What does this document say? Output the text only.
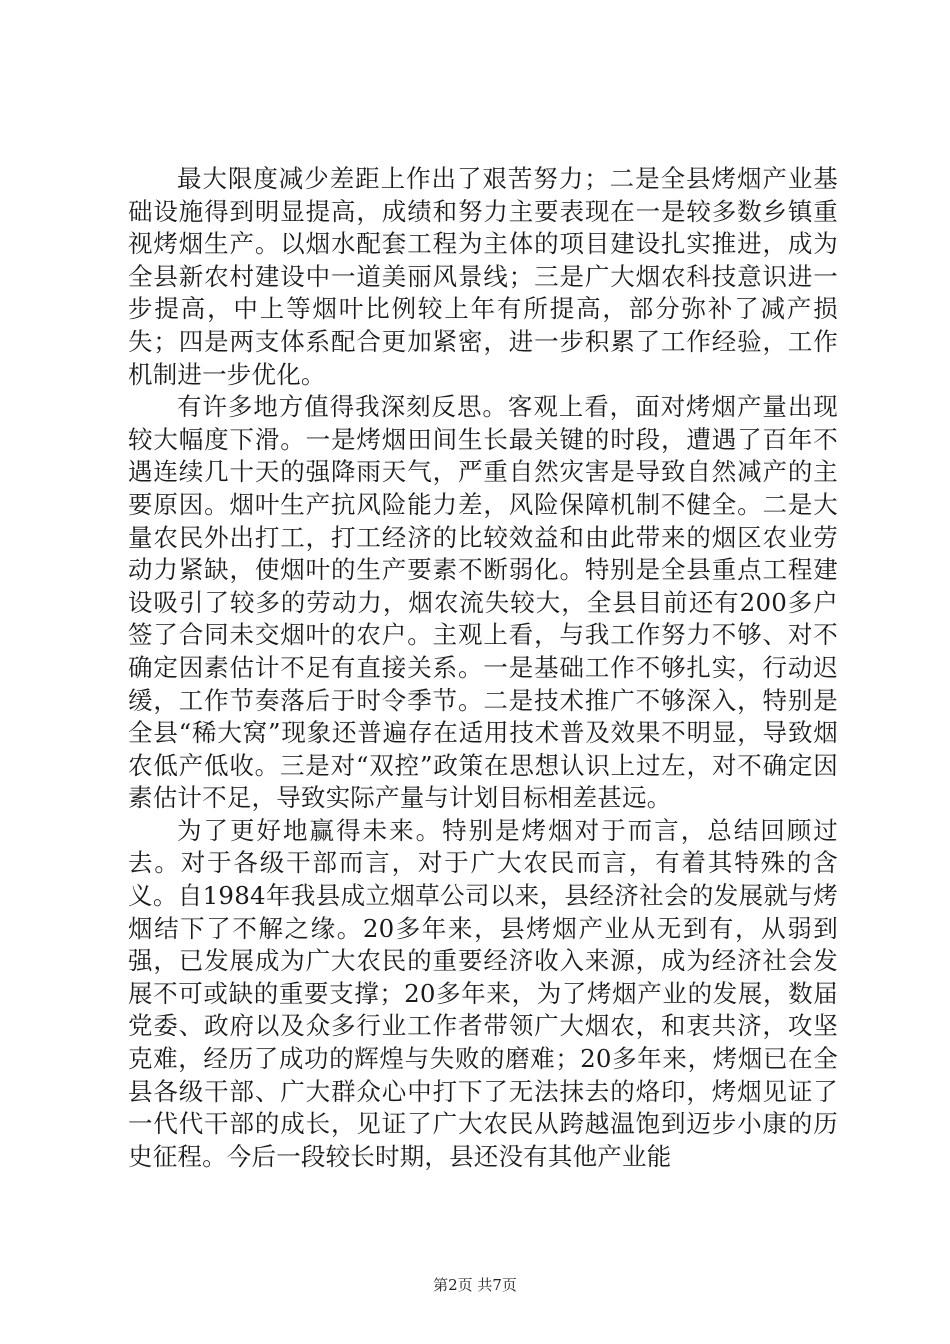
最大限度减少差距上作出了艰苦努力；二是全县烤烟产业基础设施得到明显提高，成绩和努力主要表现在一是较多数乡镇重视烤烟生产。以烟水配套工程为主体的项目建设扎实推进，成为全县新农村建设中一道美丽风景线；三是广大烟农科技意识进一步提高，中上等烟叶比例较上年有所提高，部分弥补了减产损失；四是两支体系配合更加紧密，进一步积累了工作经验，工作机制进一步优化。

有许多地方值得我深刻反思。客观上看，面对烤烟产量出现较大幅度下滑。一是烤烟田间生长最关键的时段，遭遇了百年不遇连续几十天的强降雨天气，严重自然灾害是导致自然减产的主要原因。烟叶生产抗风险能力差，风险保障机制不健全。二是大量农民外出打工，打工经济的比较效益和由此带来的烟区农业劳动力紧缺，使烟叶的生产要素不断弱化。特别是全县重点工程建设吸引了较多的劳动力，烟农流失较大，全县目前还有200多户签了合同未交烟叶的农户。主观上看，与我工作努力不够、对不确定因素估计不足有直接关系。一是基础工作不够扎实，行动迟缓，工作节奏落后于时令季节。二是技术推广不够深入，特别是全县“稀大窝”现象还普遍存在适用技术普及效果不明显，导致烟农低产低收。三是对“双控”政策在思想认识上过左，对不确定因素估计不足，导致实际产量与计划目标相差甚远。

为了更好地赢得未来。特别是烤烟对于而言，总结回顾过去。对于各级干部而言，对于广大农民而言，有着其特殊的含义。自1984年我县成立烟草公司以来，县经济社会的发展就与烤烟结下了不解之缘。20多年来，县烤烟产业从无到有，从弱到强，已发展成为广大农民的重要经济收入来源，成为经济社会发展不可或缺的重要支撑；20多年来，为了烤烟产业的发展，数届党委、政府以及众多行业工作者带领广大烟农，和衷共济，攻坚克难，经历了成功的辉煌与失败的磨难；20多年来，烤烟已在全县各级干部、广大群众心中打下了无法抹去的烙印，烤烟见证了一代代干部的成长，见证了广大农民从跨越温饱到迈步小康的历史征程。今后一段较长时期，县还没有其他产业能

第2页 共7页
